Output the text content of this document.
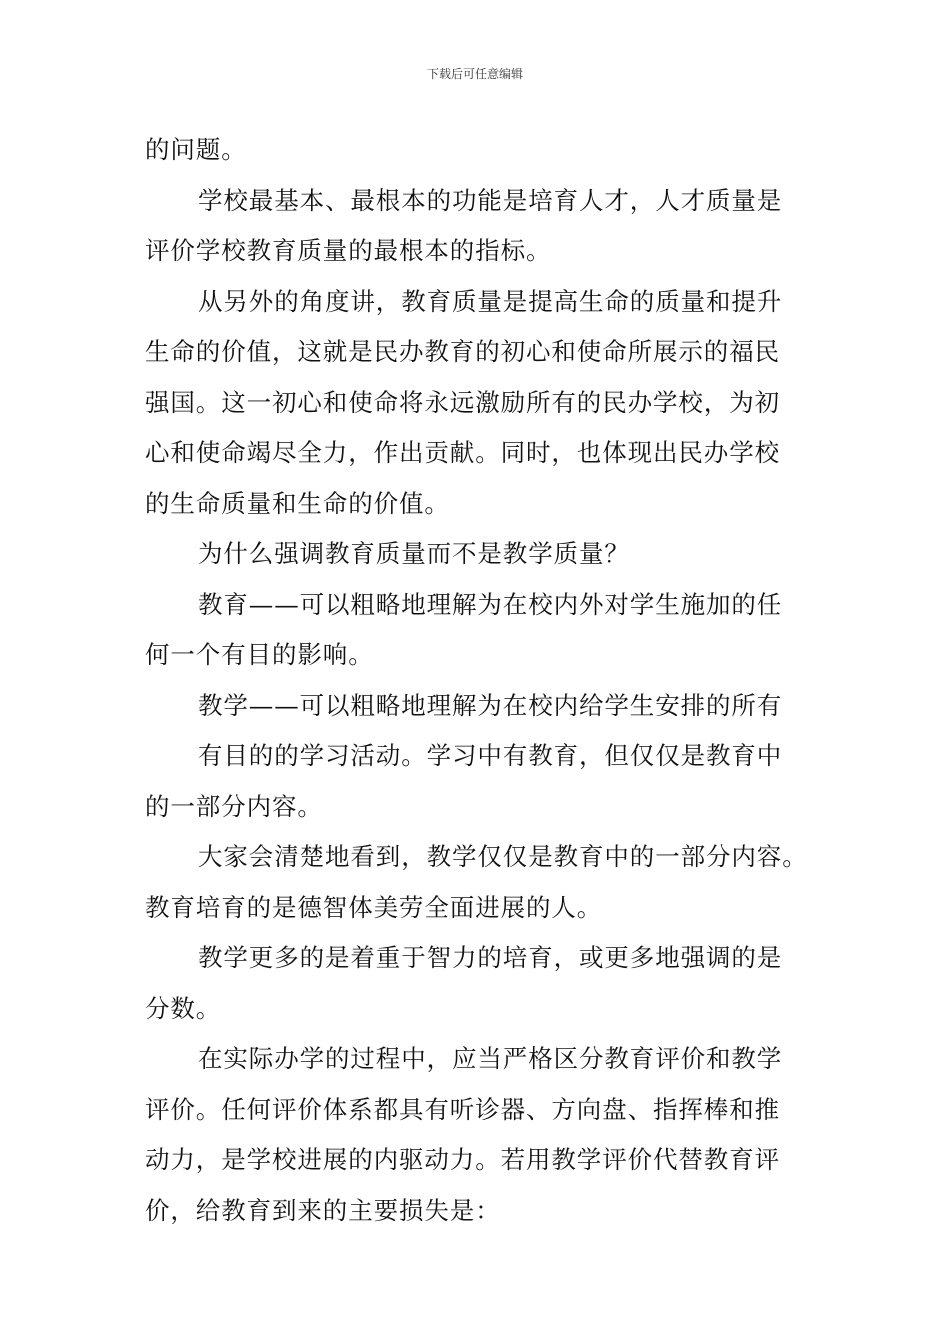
下载后可任意编辑
的问题。
学校最基本、最根本的功能是培育人才，人才质量是
评价学校教育质量的最根本的指标。
从另外的角度讲，教育质量是提高生命的质量和提升
生命的价值，这就是民办教育的初心和使命所展示的福民
强国。这一初心和使命将永远激励所有的民办学校，为初
心和使命竭尽全力，作出贡献。同时，也体现出民办学校
的生命质量和生命的价值。
为什么强调教育质量而不是教学质量？
教育——可以粗略地理解为在校内外对学生施加的任
何一个有目的影响。
教学——可以粗略地理解为在校内给学生安排的所有
有目的的学习活动。学习中有教育，但仅仅是教育中
的一部分内容。
大家会清楚地看到，教学仅仅是教育中的一部分内容。
教育培育的是德智体美劳全面进展的人。
教学更多的是着重于智力的培育，或更多地强调的是
分数。
在实际办学的过程中，应当严格区分教育评价和教学
评价。任何评价体系都具有听诊器、方向盘、指挥棒和推
动力，是学校进展的内驱动力。若用教学评价代替教育评
价，给教育到来的主要损失是：
